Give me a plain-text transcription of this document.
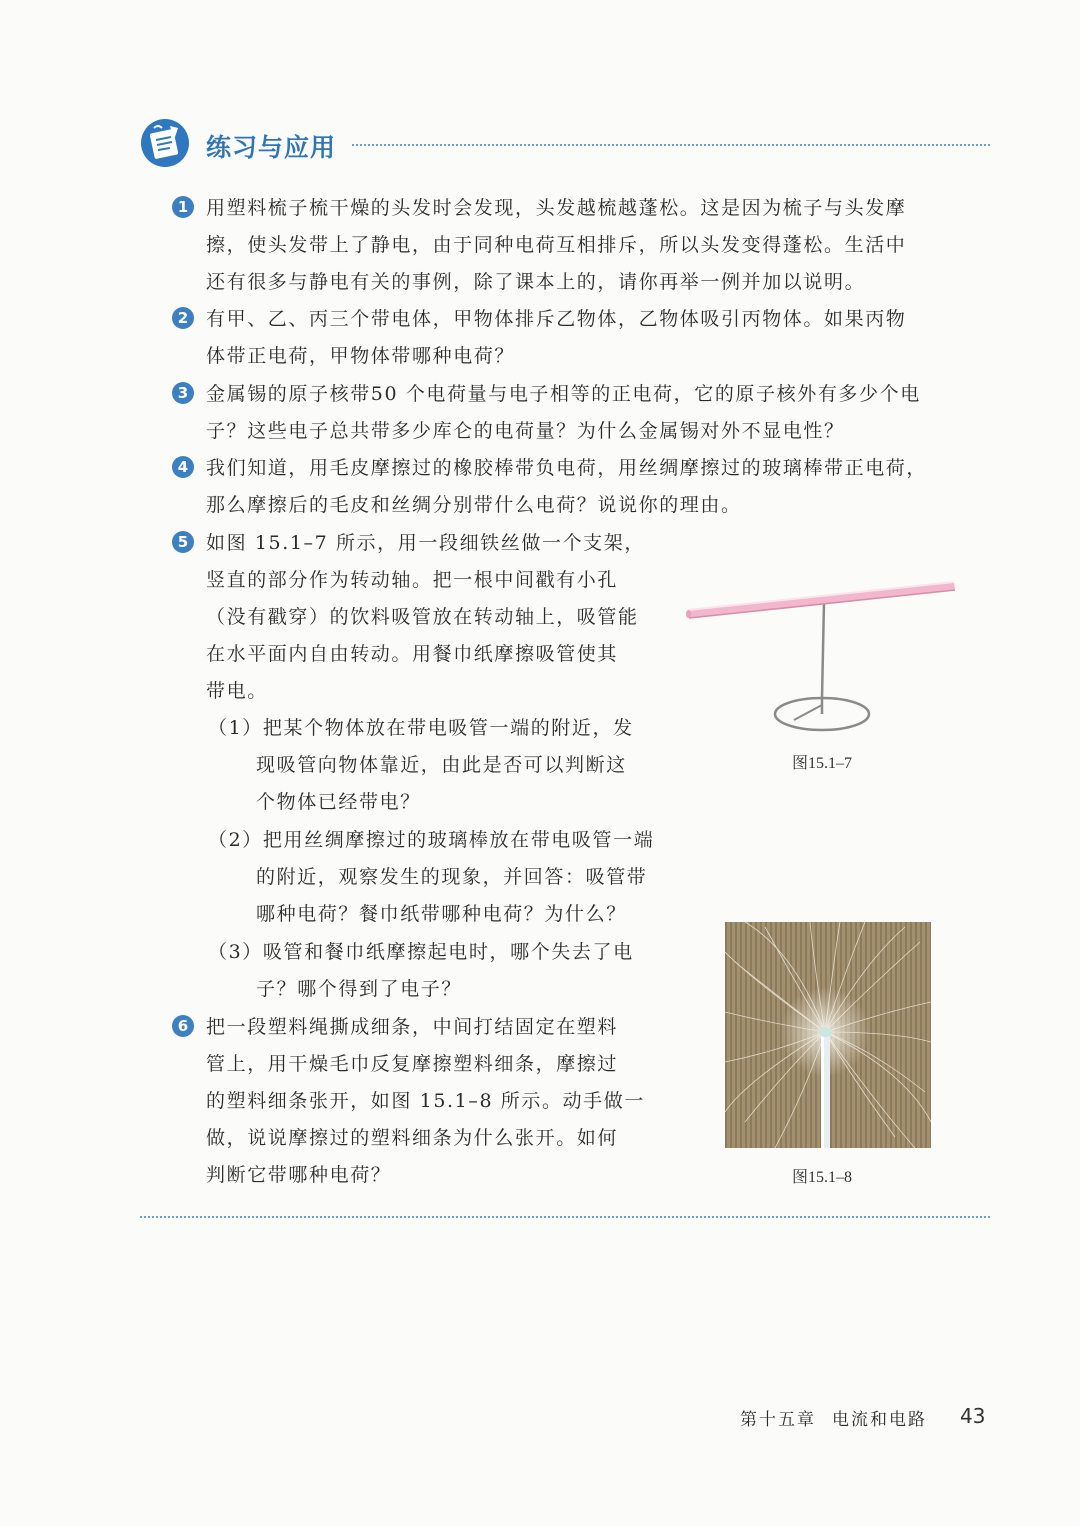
练习与应用
1 用塑料梳子梳干燥的头发时会发现，头发越梳越蓬松。这是因为梳子与头发摩
擦，使头发带上了静电，由于同种电荷互相排斥，所以头发变得蓬松。生活中
还有很多与静电有关的事例，除了课本上的，请你再举一例并加以说明。
2 有甲、乙、丙三个带电体，甲物体排斥乙物体，乙物体吸引丙物体。如果丙物
体带正电荷，甲物体带哪种电荷？
3 金属锡的原子核带50 个电荷量与电子相等的正电荷，它的原子核外有多少个电
子？这些电子总共带多少库仑的电荷量？为什么金属锡对外不显电性？
4 我们知道，用毛皮摩擦过的橡胶棒带负电荷，用丝绸摩擦过的玻璃棒带正电荷，
那么摩擦后的毛皮和丝绸分别带什么电荷？说说你的理由。
5 如图 15.1–7 所示，用一段细铁丝做一个支架，
竖直的部分作为转动轴。把一根中间戳有小孔
（没有戳穿）的饮料吸管放在转动轴上，吸管能
在水平面内自由转动。用餐巾纸摩擦吸管使其
带电。
（1）把某个物体放在带电吸管一端的附近，发
现吸管向物体靠近，由此是否可以判断这
个物体已经带电？
（2）把用丝绸摩擦过的玻璃棒放在带电吸管一端
的附近，观察发生的现象，并回答：吸管带
哪种电荷？餐巾纸带哪种电荷？为什么？
（3）吸管和餐巾纸摩擦起电时，哪个失去了电
子？哪个得到了电子？
6 把一段塑料绳撕成细条，中间打结固定在塑料
管上，用干燥毛巾反复摩擦塑料细条，摩擦过
的塑料细条张开，如图 15.1–8 所示。动手做一
做，说说摩擦过的塑料细条为什么张开。如何
判断它带哪种电荷？
图15.1–7
图15.1–8
第十五章 电流和电路 43
